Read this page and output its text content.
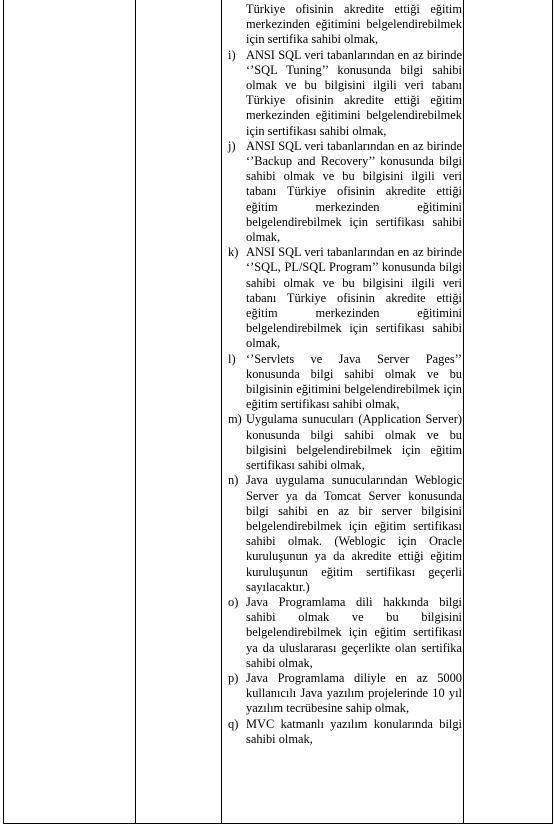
Türkiye ofisinin akredite ettiği eğitim merkezinden eğitimini belgelendirebilmek için sertifika sahibi olmak,
i) ANSI SQL veri tabanlarından en az birinde ‘’SQL Tuning’’ konusunda bilgi sahibi olmak ve bu bilgisini ilgili veri tabanı Türkiye ofisinin akredite ettiği eğitim merkezinden eğitimini belgelendirebilmek için sertifikası sahibi olmak,
j) ANSI SQL veri tabanlarından en az birinde ‘’Backup and Recovery’’ konusunda bilgi sahibi olmak ve bu bilgisini ilgili veri tabanı Türkiye ofisinin akredite ettiği eğitim merkezinden eğitimini belgelendirebilmek için sertifikası sahibi olmak,
k) ANSI SQL veri tabanlarından en az birinde ‘’SQL, PL/SQL Program’’ konusunda bilgi sahibi olmak ve bu bilgisini ilgili veri tabanı Türkiye ofisinin akredite ettiği eğitim merkezinden eğitimini belgelendirebilmek için sertifikası sahibi olmak,
l) ‘’Servlets ve Java Server Pages’’ konusunda bilgi sahibi olmak ve bu bilgisinin eğitimini belgelendirebilmek için eğitim sertifikası sahibi olmak,
m) Uygulama sunucuları (Application Server) konusunda bilgi sahibi olmak ve bu bilgisini belgelendirebilmek için eğitim sertifikası sahibi olmak,
n) Java uygulama sunucularından Weblogic Server ya da Tomcat Server konusunda bilgi sahibi en az bir server bilgisini belgelendirebilmek için eğitim sertifikası sahibi olmak. (Weblogic için Oracle kuruluşunun ya da akredite ettiği eğitim kuruluşunun eğitim sertifikası geçerli sayılacaktır.)
o) Java Programlama dili hakkında bilgi sahibi olmak ve bu bilgisini belgelendirebilmek için eğitim sertifikası ya da uluslararası geçerlikte olan sertifika sahibi olmak,
p) Java Programlama diliyle en az 5000 kullanıcılı Java yazılım projelerinde 10 yıl yazılım tecrübesine sahip olmak,
q) MVC katmanlı yazılım konularında bilgi sahibi olmak,
